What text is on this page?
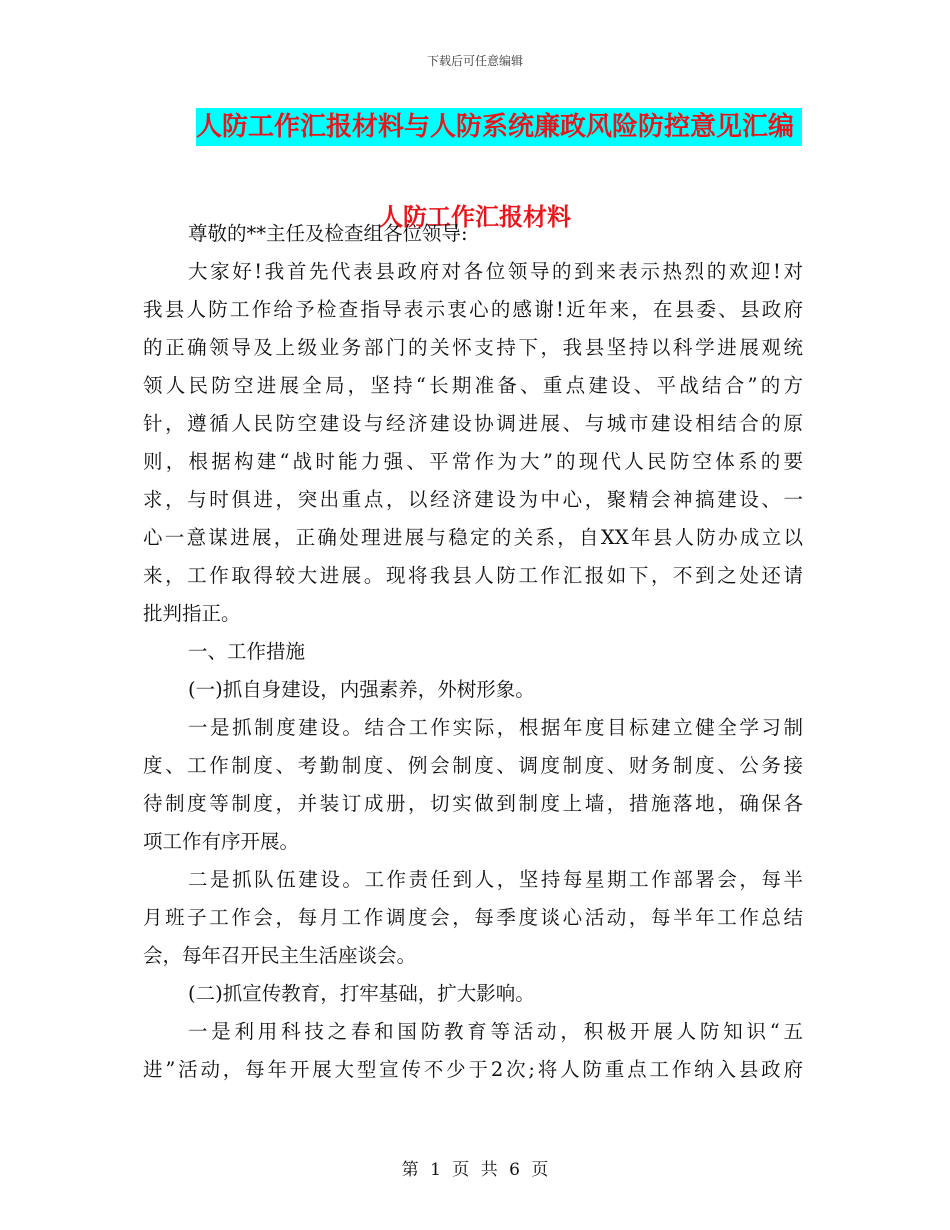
下载后可任意编辑
人防工作汇报材料与人防系统廉政风险防控意见汇编
人防工作汇报材料
尊敬的**主任及检查组各位领导:
大家好!我首先代表县政府对各位领导的到来表示热烈的欢迎!对
我县人防工作给予检查指导表示衷心的感谢!近年来，在县委、县政府
的正确领导及上级业务部门的关怀支持下，我县坚持以科学进展观统
领人民防空进展全局，坚持“长期准备、重点建设、平战结合”的方
针，遵循人民防空建设与经济建设协调进展、与城市建设相结合的原
则，根据构建“战时能力强、平常作为大”的现代人民防空体系的要
求，与时俱进，突出重点，以经济建设为中心，聚精会神搞建设、一
心一意谋进展，正确处理进展与稳定的关系，自XX年县人防办成立以
来，工作取得较大进展。现将我县人防工作汇报如下，不到之处还请
批判指正。
一、工作措施
(一)抓自身建设，内强素养，外树形象。
一是抓制度建设。结合工作实际，根据年度目标建立健全学习制
度、工作制度、考勤制度、例会制度、调度制度、财务制度、公务接
待制度等制度，并装订成册，切实做到制度上墙，措施落地，确保各
项工作有序开展。
二是抓队伍建设。工作责任到人，坚持每星期工作部署会，每半
月班子工作会，每月工作调度会，每季度谈心活动，每半年工作总结
会，每年召开民主生活座谈会。
(二)抓宣传教育，打牢基础，扩大影响。
一是利用科技之春和国防教育等活动，积极开展人防知识“五
进”活动，每年开展大型宣传不少于2次;将人防重点工作纳入县政府
第 1 页 共 6 页
